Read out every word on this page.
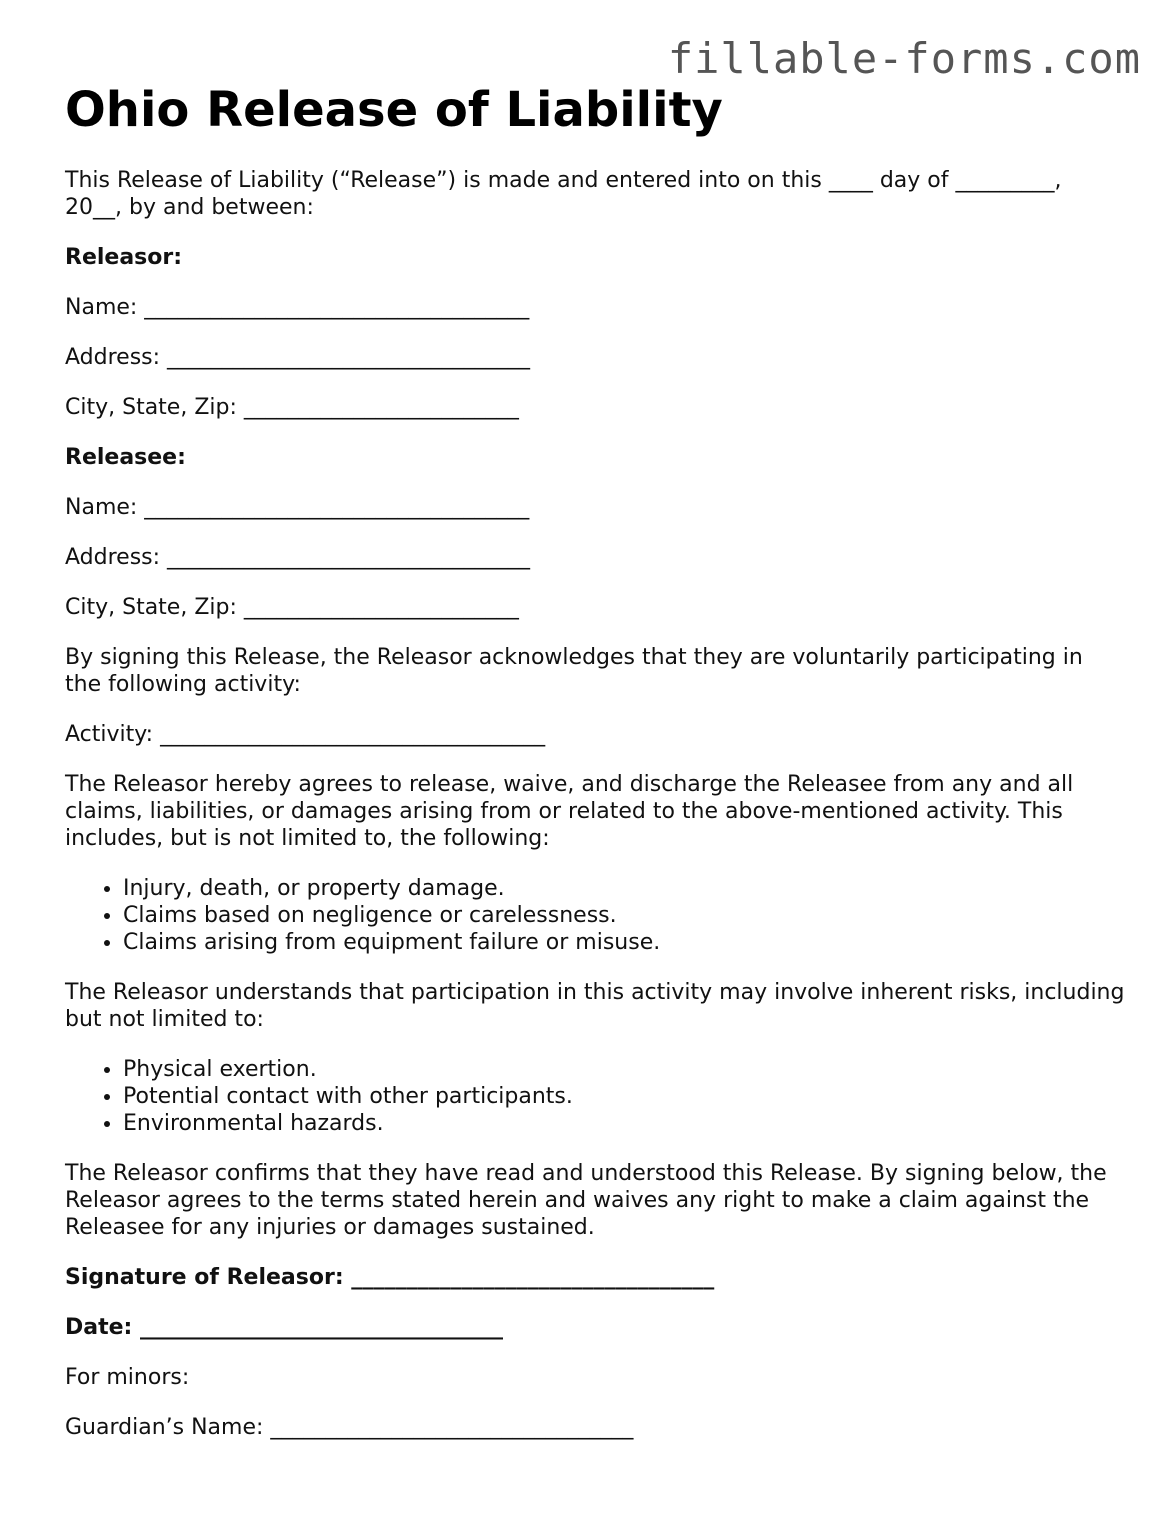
fillable-forms.com
Ohio Release of Liability

This Release of Liability (“Release”) is made and entered into on this ____ day of _________, 20__, by and between:

Releasor:

Name: ___________________________________

Address: _________________________________

City, State, Zip: _________________________

Releasee:

Name: ___________________________________

Address: _________________________________

City, State, Zip: _________________________

By signing this Release, the Releasor acknowledges that they are voluntarily participating in the following activity:

Activity: ___________________________________

The Releasor hereby agrees to release, waive, and discharge the Releasee from any and all claims, liabilities, or damages arising from or related to the above-mentioned activity. This includes, but is not limited to, the following:

• Injury, death, or property damage.
• Claims based on negligence or carelessness.
• Claims arising from equipment failure or misuse.

The Releasor understands that participation in this activity may involve inherent risks, including but not limited to:

• Physical exertion.
• Potential contact with other participants.
• Environmental hazards.

The Releasor confirms that they have read and understood this Release. By signing below, the Releasor agrees to the terms stated herein and waives any right to make a claim against the Releasee for any injuries or damages sustained.

Signature of Releasor: _________________________________

Date: _________________________________

For minors:

Guardian’s Name: _________________________________
